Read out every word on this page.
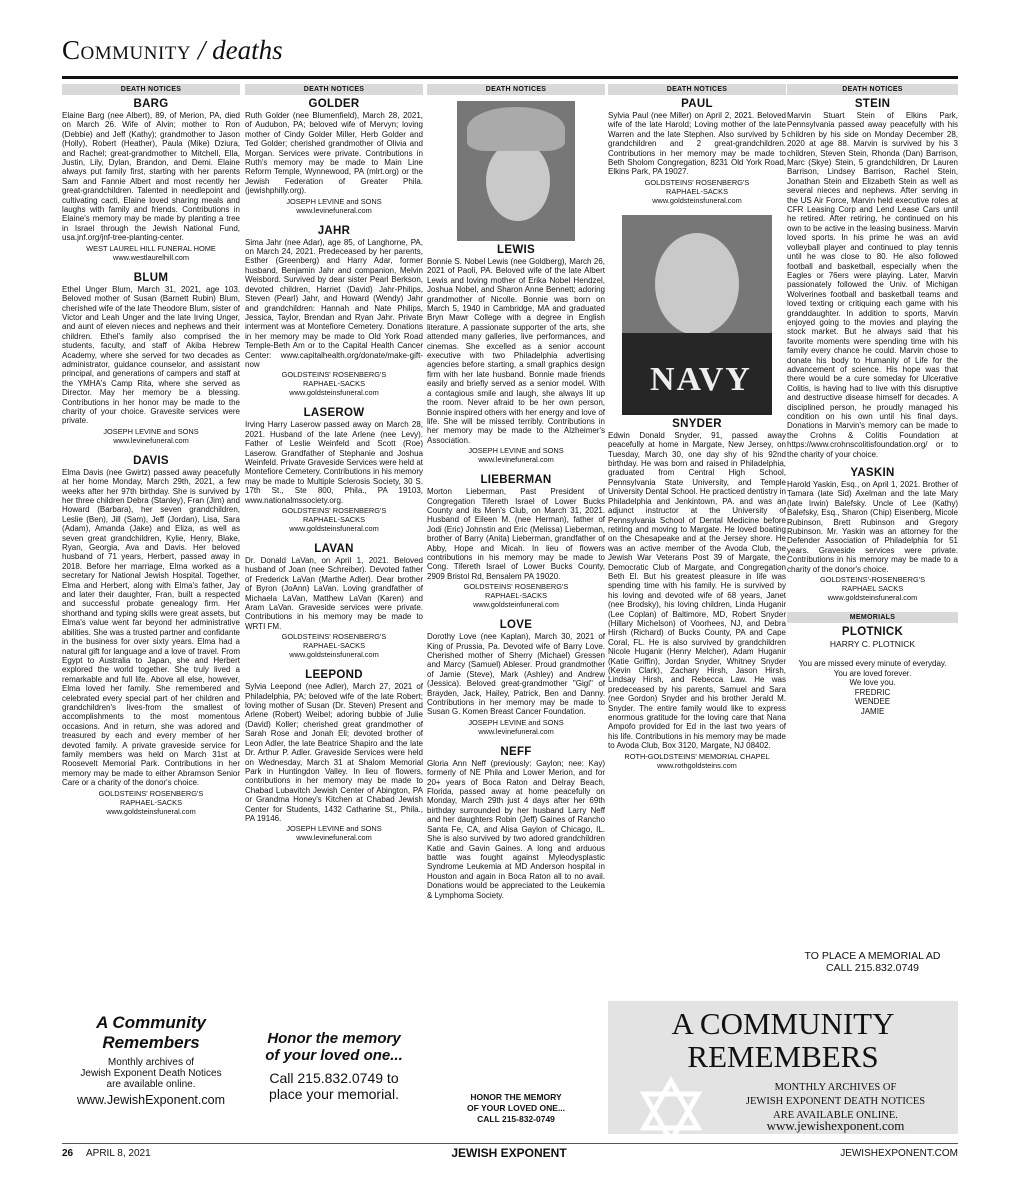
Community / deaths
DEATH NOTICES
BARG
Elaine Barg (nee Albert), 89, of Merion, PA, died on March 26. Wife of Alvin; mother to Ron (Debbie) and Jeff (Kathy); grandmother to Jason (Holly), Robert (Heather), Paula (Mike) Dziura, and Rachel; great-grandmother to Mitchell, Ella, Justin, Lily, Dylan, Brandon, and Demi. Elaine always put family first, starting with her parents Sam and Fannie Albert and most recently her great-grandchildren. Talented in needlepoint and cultivating cacti, Elaine loved sharing meals and laughs with family and friends. Contributions in Elaine's memory may be made by planting a tree in Israel through the Jewish National Fund, usa.jnf.org/jnf-tree-planting-center.
WEST LAUREL HILL FUNERAL HOME
www.westlaurelhill.com
BLUM
Ethel Unger Blum, March 31, 2021, age 103. Beloved mother of Susan (Barnett Rubin) Blum, cherished wife of the late Theodore Blum, sister of Victor and Leah Unger and the late Irving Unger, and aunt of eleven nieces and nephews and their children. Ethel's family also comprised the students, faculty, and staff of Akiba Hebrew Academy, where she served for two decades as administrator, guidance counselor, and assistant principal, and generations of campers and staff at the YMHA's Camp Rita, where she served as Director. May her memory be a blessing. Contributions in her honor may be made to the charity of your choice. Gravesite services were private.
JOSEPH LEVINE and SONS
www.levinefuneral.com
DAVIS
Elma Davis (nee Gwirtz) passed away peacefully at her home Monday, March 29th, 2021, a few weeks after her 97th birthday. She is survived by her three children Debra (Stanley), Fran (Jim) and Howard (Barbara), her seven grandchildren, Leslie (Ben), Jill (Sam), Jeff (Jordan), Lisa, Sara (Adam), Amanda (Jake) and Eliza, as well as seven great grandchildren, Kylie, Henry, Blake, Ryan, Georgia, Ava and Davis. Her beloved husband of 71 years, Herbert, passed away in 2018. Before her marriage, Elma worked as a secretary for National Jewish Hospital. Together, Elma and Herbert, along with Elma's father, Jay and later their daughter, Fran, built a respected and successful probate genealogy firm. Her shorthand and typing skills were great assets, but Elma's value went far beyond her administrative abilities. She was a trusted partner and confidante in the business for over sixty years. Elma had a natural gift for language and a love of travel. From Egypt to Australia to Japan, she and Herbert explored the world together. She truly lived a remarkable and full life. Above all else, however, Elma loved her family. She remembered and celebrated every special part of her children and grandchildren's lives-from the smallest of accomplishments to the most momentous occasions. And in return, she was adored and treasured by each and every member of her devoted family. A private graveside service for family members was held on March 31st at Roosevelt Memorial Park. Contributions in her memory may be made to either Abramson Senior Care or a charity of the donor's choice.
GOLDSTEINS' ROSENBERG'S
RAPHAEL-SACKS
www.goldsteinsfuneral.com
A Community
Remembers
Monthly archives of
Jewish Exponent Death Notices
are available online.
www.JewishExponent.com
DEATH NOTICES
GOLDER
Ruth Golder (nee Blumenfield), March 28, 2021, of Audubon, PA; beloved wife of Mervyn; loving mother of Cindy Golder Miller, Herb Golder and Ted Golder; cherished grandmother of Olivia and Morgan. Services were private. Contributions in Ruth's memory may be made to Main Line Reform Temple, Wynnewood, PA (mlrt.org) or the Jewish Federation of Greater Phila. (jewishphilly.org).
JOSEPH LEVINE and SONS
www.levinefuneral.com
JAHR
Sima Jahr (nee Adar), age 85, of Langhorne, PA, on March 24, 2021. Predeceased by her parents, Esther (Greenberg) and Harry Adar, former husband, Benjamin Jahr and companion, Melvin Weisbord. Survived by dear sister Pearl Berkson, devoted children, Harriet (David) Jahr-Philips, Steven (Pearl) Jahr, and Howard (Wendy) Jahr and grandchildren: Hannah and Nate Philips, Jessica, Taylor, Brendan and Ryan Jahr. Private interment was at Montefiore Cemetery. Donations in her memory may be made to Old York Road Temple-Beth Am or to the Capital Health Cancer Center: www.capitalhealth.org/donate/make-gift-now
GOLDSTEINS' ROSENBERG'S
RAPHAEL-SACKS
www.goldsteinsfuneral.com
LASEROW
Irving Harry Laserow passed away on March 28, 2021. Husband of the late Arlene (nee Levy). Father of Leslie Weinfeld and Scott (Roe) Laserow. Grandfather of Stephanie and Joshua Weinfeld. Private Graveside Services were held at Montefiore Cemetery. Contributions in his memory may be made to Multiple Sclerosis Society, 30 S. 17th St., Ste 800, Phila., PA 19103, www.nationalmssociety.org.
GOLDSTEINS' ROSENBERG'S
RAPHAEL-SACKS
www.goldsteinsfuneral.com
LAVAN
Dr. Donald LaVan, on April 1, 2021. Beloved husband of Joan (nee Schreiber). Devoted father of Frederick LaVan (Marthe Adler). Dear brother of Byron (JoAnn) LaVan. Loving grandfather of Michaela LaVan, Matthew LaVan (Karen) and Aram LaVan. Graveside services were private. Contributions in his memory may be made to WRTI FM.
GOLDSTEINS' ROSENBERG'S
RAPHAEL-SACKS
www.goldsteinsfuneral.com
LEEPOND
Sylvia Leepond (nee Adler), March 27, 2021 of Philadelphia, PA; beloved wife of the late Robert; loving mother of Susan (Dr. Steven) Present and Arlene (Robert) Weibel; adoring bubbie of Julie (David) Koller; cherished great grandmother of Sarah Rose and Jonah Eli; devoted brother of Leon Adler, the late Beatrice Shapiro and the late Dr. Arthur P. Adler. Graveside Services were held on Wednesday, March 31 at Shalom Memorial Park in Huntingdon Valley. In lieu of flowers, contributions in her memory may be made to Chabad Lubavitch Jewish Center of Abington, PA or Grandma Honey's Kitchen at Chabad Jewish Center for Students, 1432 Catharine St., Phila., PA 19146.
JOSEPH LEVINE and SONS
www.levinefuneral.com
Honor the memory
of your loved one...
Call 215.832.0749 to
place your memorial.
DEATH NOTICES
LEWIS
Bonnie S. Nobel Lewis (nee Goldberg), March 26, 2021 of Paoli, PA. Beloved wife of the late Albert Lewis and loving mother of Erika Nobel Hendzel, Joshua Nobel, and Sharon Anne Bennett; adoring grandmother of Nicolle. Bonnie was born on March 5, 1940 in Cambridge, MA and graduated Bryn Mawr College with a degree in English literature. A passionate supporter of the arts, she attended many galleries, live performances, and cinemas. She excelled as a senior account executive with two Philadelphia advertising agencies before starting, a small graphics design firm with her late husband. Bonnie made friends easily and briefly served as a senior model. With a contagious smile and laugh, she always lit up the room. Never afraid to be her own person, Bonnie inspired others with her energy and love of life. She will be missed terribly. Contributions in her memory may be made to the Alzheimer's Association.
JOSEPH LEVINE and SONS
www.levinefuneral.com
LIEBERMAN
Morton Lieberman, Past President of Congregation Tifereth Israel of Lower Bucks County and its Men's Club, on March 31, 2021. Husband of Eileen M. (nee Herman), father of Jodi (Eric) Johnstin and Eric (Melissa) Lieberman, brother of Barry (Anita) Lieberman, grandfather of Abby, Hope and Micah. In lieu of flowers contributions in his memory may be made to Cong. Tifereth Israel of Lower Bucks County, 2909 Bristol Rd, Bensalem PA 19020.
GOLDSTEINS' ROSENBERG'S
RAPHAEL-SACKS
www.goldsteinfuneral.com
LOVE
Dorothy Love (nee Kaplan), March 30, 2021 of King of Prussia, Pa. Devoted wife of Barry Love. Cherished mother of Sherry (Michael) Gressen and Marcy (Samuel) Ableser. Proud grandmother of Jamie (Steve), Mark (Ashley) and Andrew (Jessica). Beloved great-grandmother "Gigi" of Brayden, Jack, Hailey, Patrick, Ben and Danny. Contributions in her memory may be made to Susan G. Komen Breast Cancer Foundation.
JOSEPH LEVINE and SONS
www.levinefuneral.com
NEFF
Gloria Ann Neff (previously: Gaylon; nee: Kay) formerly of NE Phila and Lower Merion, and for 20+ years of Boca Raton and Delray Beach, Florida, passed away at home peacefully on Monday, March 29th just 4 days after her 69th birthday surrounded by her husband Larry Neff and her daughters Robin (Jeff) Gaines of Rancho Santa Fe, CA, and Alisa Gaylon of Chicago, IL. She is also survived by two adored grandchildren Katie and Gavin Gaines. A long and arduous battle was fought against Myleodysplastic Syndrome Leukemia at MD Anderson hospital in Houston and again in Boca Raton all to no avail. Donations would be appreciated to the Leukemia & Lymphoma Society.
HONOR THE MEMORY
OF YOUR LOVED ONE...
CALL 215-832-0749
DEATH NOTICES
PAUL
Sylvia Paul (nee Miller) on April 2, 2021. Beloved wife of the late Harold; Loving mother of the late Warren and the late Stephen. Also survived by 5 grandchildren and 2 great-grandchildren. Contributions in her memory may be made to Beth Sholom Congregation, 8231 Old York Road, Elkins Park, PA 19027.
GOLDSTEINS' ROSENBERG'S
RAPHAEL-SACKS
www.goldsteinsfuneral.com
NAVY
SNYDER
Edwin Donald Snyder, 91, passed away peacefully at home in Margate, New Jersey, on Tuesday, March 30, one day shy of his 92nd birthday. He was born and raised in Philadelphia, graduated from Central High School, Pennsylvania State University, and Temple University Dental School. He practiced dentistry in Philadelphia and Jenkintown, PA. and was an adjunct instructor at the University of Pennsylvania School of Dental Medicine before retiring and moving to Margate. He loved boating on the Chesapeake and at the Jersey shore. He was an active member of the Avoda Club, the Jewish War Veterans Post 39 of Margate, the Democratic Club of Margate, and Congregation Beth El. But his greatest pleasure in life was spending time with his family. He is survived by his loving and devoted wife of 68 years, Janet (nee Brodsky), his loving children, Linda Huganir (Lee Coplan) of Baltimore, MD, Robert Snyder (Hillary Michelson) of Voorhees, NJ, and Debra Hirsh (Richard) of Bucks County, PA and Cape Coral, FL. He is also survived by grandchildren Nicole Huganir (Henry Melcher), Adam Huganir (Katie Griffin), Jordan Snyder, Whitney Snyder (Kevin Clark), Zachary Hirsh, Jason Hirsh, Lindsay Hirsh, and Rebecca Law. He was predeceased by his parents, Samuel and Sara (nee Gordon) Snyder and his brother Jerald M. Snyder. The entire family would like to express enormous gratitude for the loving care that Nana Ampofo provided for Ed in the last two years of his life. Contributions in his memory may be made to Avoda Club, Box 3120, Margate, NJ 08402.
ROTH-GOLDSTEINS' MEMORIAL CHAPEL
www.rothgoldsteins.com
DEATH NOTICES
STEIN
Marvin Stuart Stein of Elkins Park, Pennsylvania passed away peacefully with his children by his side on Monday December 28, 2020 at age 88. Marvin is survived by his 3 children, Steven Stein, Rhonda (Dan) Barrison, Marc (Skye) Stein, 5 grandchildren, Dr Lauren Barrison, Lindsey Barrison, Rachel Stein, Jonathan Stein and Elizabeth Stein as well as several nieces and nephews. After serving in the US Air Force, Marvin held executive roles at CFR Leasing Corp and Lend Lease Cars until he retired. After retiring, he continued on his own to be active in the leasing business. Marvin loved sports. In his prime he was an avid volleyball player and continued to play tennis until he was close to 80. He also followed football and basketball, especially when the Eagles or 76ers were playing. Later, Marvin passionately followed the Univ. of Michigan Wolverines football and basketball teams and loved texting or critiquing each game with his granddaughter. In addition to sports, Marvin enjoyed going to the movies and playing the stock market. But he always said that his favorite moments were spending time with his family every chance he could. Marvin chose to donate his body to Humanity of Life for the advancement of science. His hope was that there would be a cure someday for Ulcerative Colitis, is having had to live with this disruptive and destructive disease himself for decades. A disciplined person, he proudly managed his condition on his own until his final days. Donations in Marvin's memory can be made to the Crohns & Colitis Foundation at https://www.crohnscolitisfoundation.org/ or to the charity of your choice.
YASKIN
Harold Yaskin, Esq., on April 1, 2021. Brother of Tamara (late Sid) Axelman and the late Mary (late Irwin) Balefsky. Uncle of Lee (Kathy) Balefsky, Esq., Sharon (Chip) Eisenberg, Micole Rubinson, Brett Rubinson and Gregory Rubinson. Mr. Yaskin was an attorney for the Defender Association of Philadelphia for 51 years. Graveside services were private. Contributions in his memory may be made to a charity of the donor's choice.
GOLDSTEINS'-ROSENBERG'S
RAPHAEL SACKS
www.goldsteinsfuneral.com
MEMORIALS
PLOTNICK
HARRY C. PLOTNICK
You are missed every minute of everyday.
You are loved forever.
We love you.
FREDRIC
WENDEE
JAMIE
TO PLACE A MEMORIAL AD
CALL 215.832.0749
A COMMUNITY
REMEMBERS
MONTHLY ARCHIVES OF
JEWISH EXPONENT DEATH NOTICES
ARE AVAILABLE ONLINE.
www.jewishexponent.com
26 APRIL 8, 2021	JEWISH EXPONENT	JEWISHEXPONENT.COM
